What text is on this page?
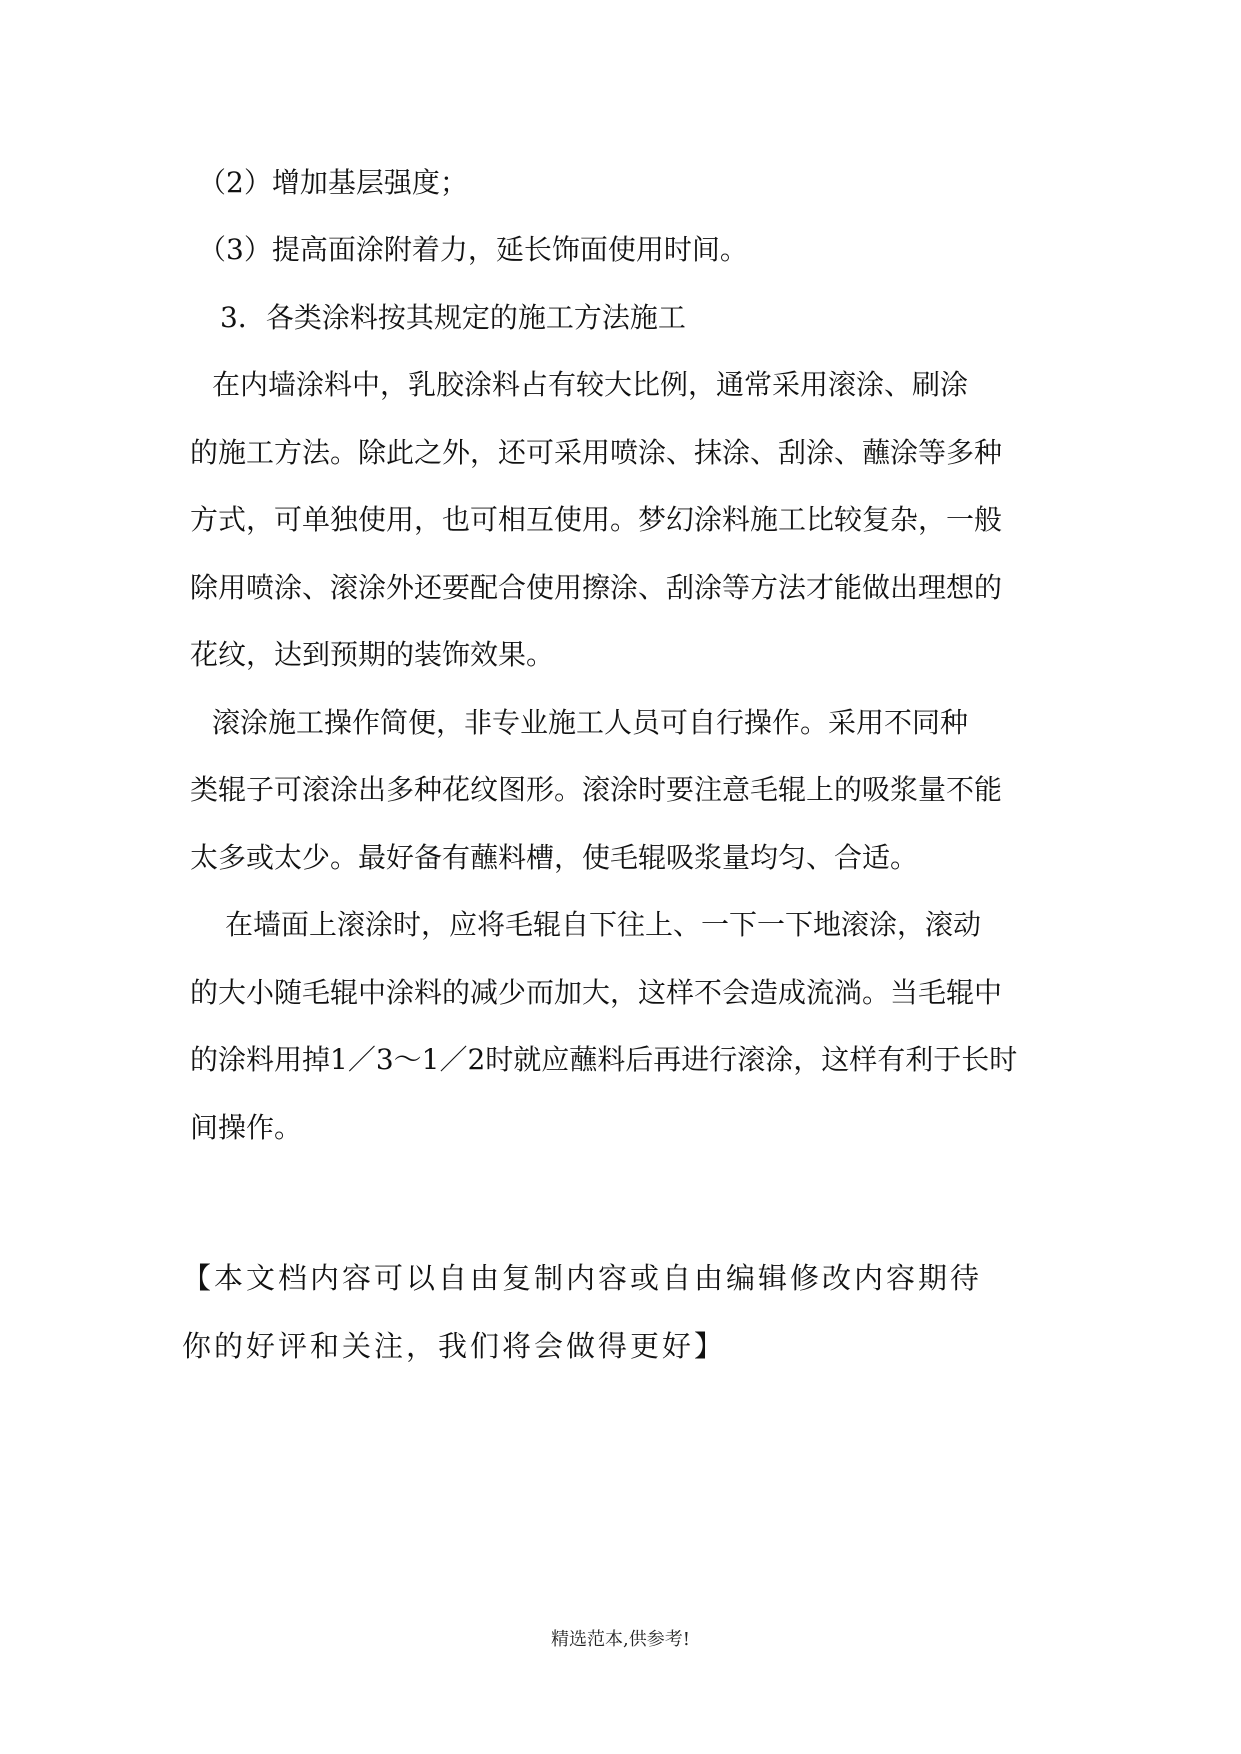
（2）增加基层强度；
（3）提高面涂附着力，延长饰面使用时间。
3．各类涂料按其规定的施工方法施工
在内墙涂料中，乳胶涂料占有较大比例，通常采用滚涂、刷涂
的施工方法。除此之外，还可采用喷涂、抹涂、刮涂、蘸涂等多种
方式，可单独使用，也可相互使用。梦幻涂料施工比较复杂，一般
除用喷涂、滚涂外还要配合使用擦涂、刮涂等方法才能做出理想的
花纹，达到预期的装饰效果。
滚涂施工操作简便，非专业施工人员可自行操作。采用不同种
类辊子可滚涂出多种花纹图形。滚涂时要注意毛辊上的吸浆量不能
太多或太少。最好备有蘸料槽，使毛辊吸浆量均匀、合适。
在墙面上滚涂时，应将毛辊自下往上、一下一下地滚涂，滚动
的大小随毛辊中涂料的减少而加大，这样不会造成流淌。当毛辊中
的涂料用掉1／3～1／2时就应蘸料后再进行滚涂，这样有利于长时
间操作。
【本文档内容可以自由复制内容或自由编辑修改内容期待
你的好评和关注，我们将会做得更好】
精选范本,供参考!
